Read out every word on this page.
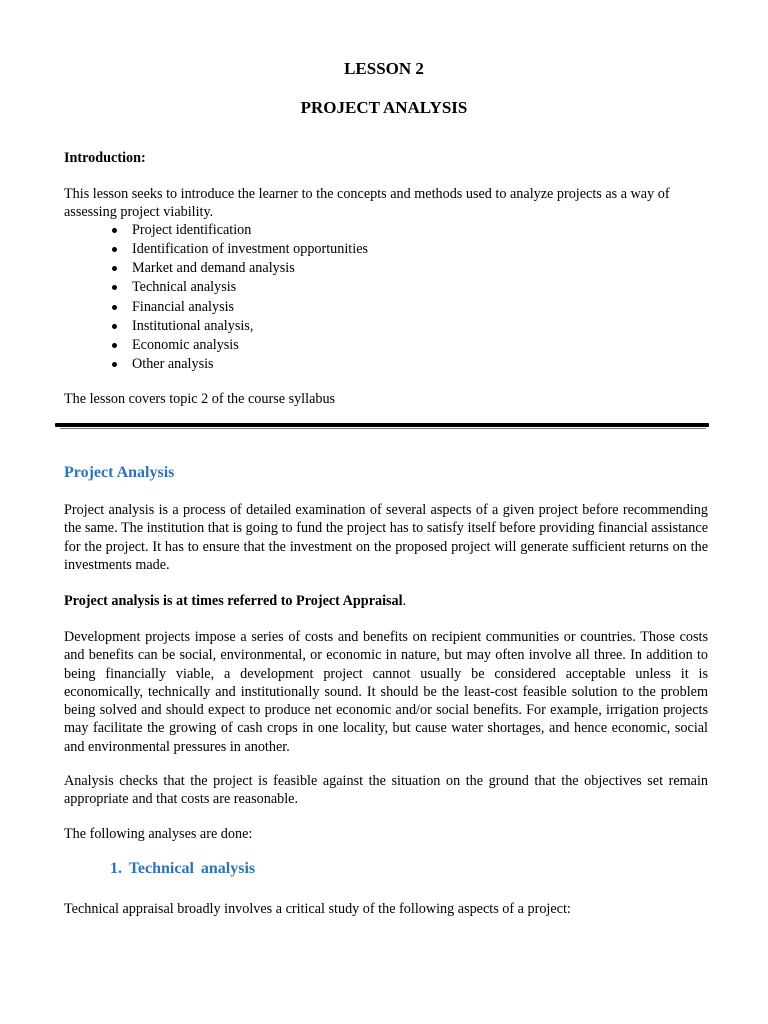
LESSON 2
PROJECT ANALYSIS
Introduction:
This lesson seeks to introduce the learner to the concepts and methods used to analyze projects as a way of assessing project viability.
Project identification
Identification of investment opportunities
Market and demand analysis
Technical analysis
Financial analysis
Institutional analysis,
Economic analysis
Other analysis
The lesson covers topic 2 of the course syllabus
Project Analysis
Project analysis is a process of detailed examination of several aspects of a given project before recommending the same. The institution that is going to fund the project has to satisfy itself before providing financial assistance for the project. It has to ensure that the investment on the proposed project will generate sufficient returns on the investments made.
Project analysis is at times referred to Project Appraisal.
Development projects impose a series of costs and benefits on recipient communities or countries. Those costs and benefits can be social, environmental, or economic in nature, but may often involve all three. In addition to being financially viable, a development project cannot usually be considered acceptable unless it is economically, technically and institutionally sound. It should be the least-cost feasible solution to the problem being solved and should expect to produce net economic and/or social benefits. For example, irrigation projects may facilitate the growing of cash crops in one locality, but cause water shortages, and hence economic, social and environmental pressures in another.
Analysis checks that the project is feasible against the situation on the ground that the objectives set remain appropriate and that costs are reasonable.
The following analyses are done:
1. Technical analysis
Technical appraisal broadly involves a critical study of the following aspects of a project:
